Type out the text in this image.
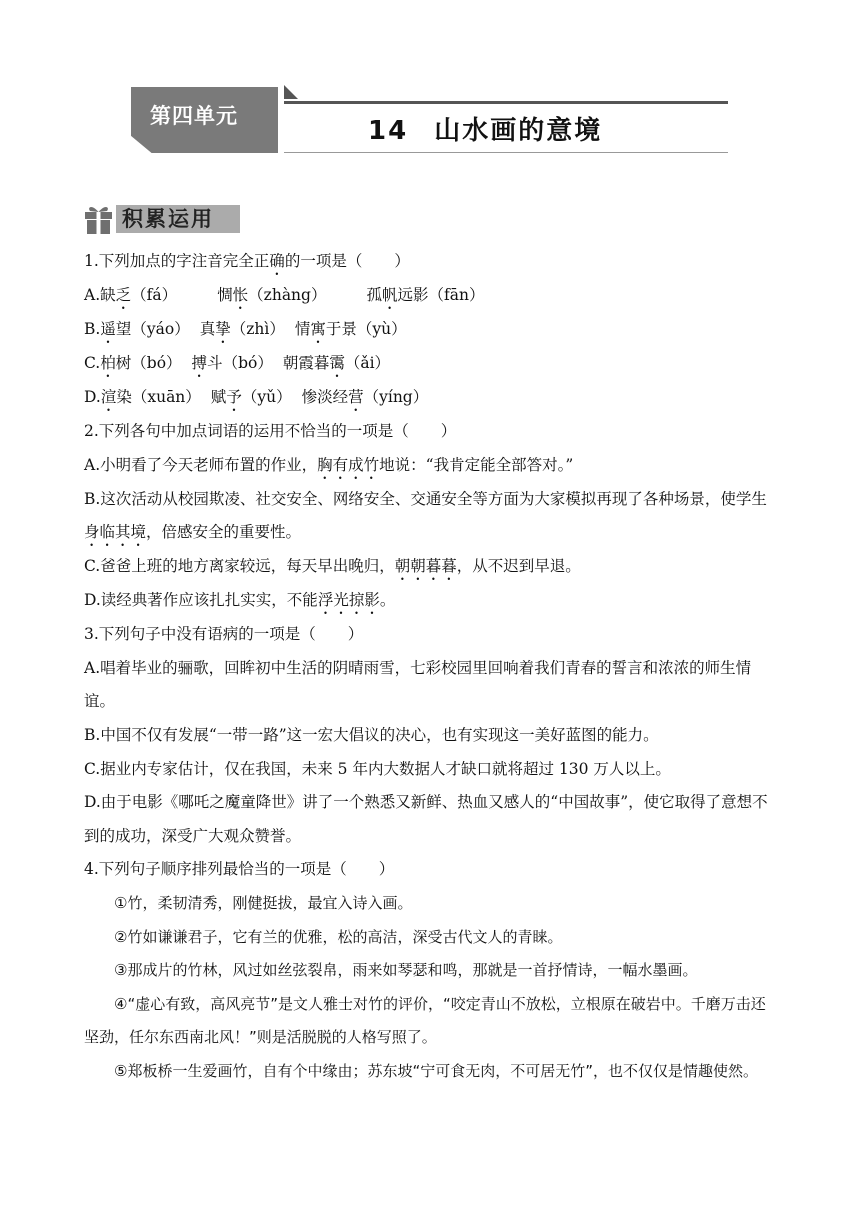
第四单元	14 山水画的意境
积累运用

1.下列加点的字注音完全正确的一项是（ ）

A.缺乏（fá）	惆怅（zhàng）	孤帆远影（fān）

B.遥望（yáo） 真挚（zhì） 情寓于景（yù）

C.柏树（bó） 搏斗（bó） 朝霞暮霭（ǎi）

D.渲染（xuān） 赋予（yǔ） 惨淡经营（yíng）

2.下列各句中加点词语的运用不恰当的一项是（ ）

A.小明看了今天老师布置的作业，胸有成竹地说：“我肯定能全部答对。”

B.这次活动从校园欺凌、社交安全、网络安全、交通安全等方面为大家模拟再现了各种场景，使学生身临其境，倍感安全的重要性。

C.爸爸上班的地方离家较远，每天早出晚归，朝朝暮暮，从不迟到早退。

D.读经典著作应该扎扎实实，不能浮光掠影。

3.下列句子中没有语病的一项是（ ）

A.唱着毕业的骊歌，回眸初中生活的阴晴雨雪，七彩校园里回响着我们青春的誓言和浓浓的师生情谊。

B.中国不仅有发展“一带一路”这一宏大倡议的决心，也有实现这一美好蓝图的能力。

C.据业内专家估计，仅在我国，未来 5 年内大数据人才缺口就将超过 130 万人以上。

D.由于电影《哪吒之魔童降世》讲了一个熟悉又新鲜、热血又感人的“中国故事”，使它取得了意想不到的成功，深受广大观众赞誉。

4.下列句子顺序排列最恰当的一项是（ ）

①竹，柔韧清秀，刚健挺拔，最宜入诗入画。

②竹如谦谦君子，它有兰的优雅，松的高洁，深受古代文人的青睐。

③那成片的竹林，风过如丝弦裂帛，雨来如琴瑟和鸣，那就是一首抒情诗，一幅水墨画。

④“虚心有致，高风亮节”是文人雅士对竹的评价，“咬定青山不放松，立根原在破岩中。千磨万击还坚劲，任尔东西南北风！”则是活脱脱的人格写照了。

⑤郑板桥一生爱画竹，自有个中缘由；苏东坡“宁可食无肉，不可居无竹”，也不仅仅是情趣使然。
